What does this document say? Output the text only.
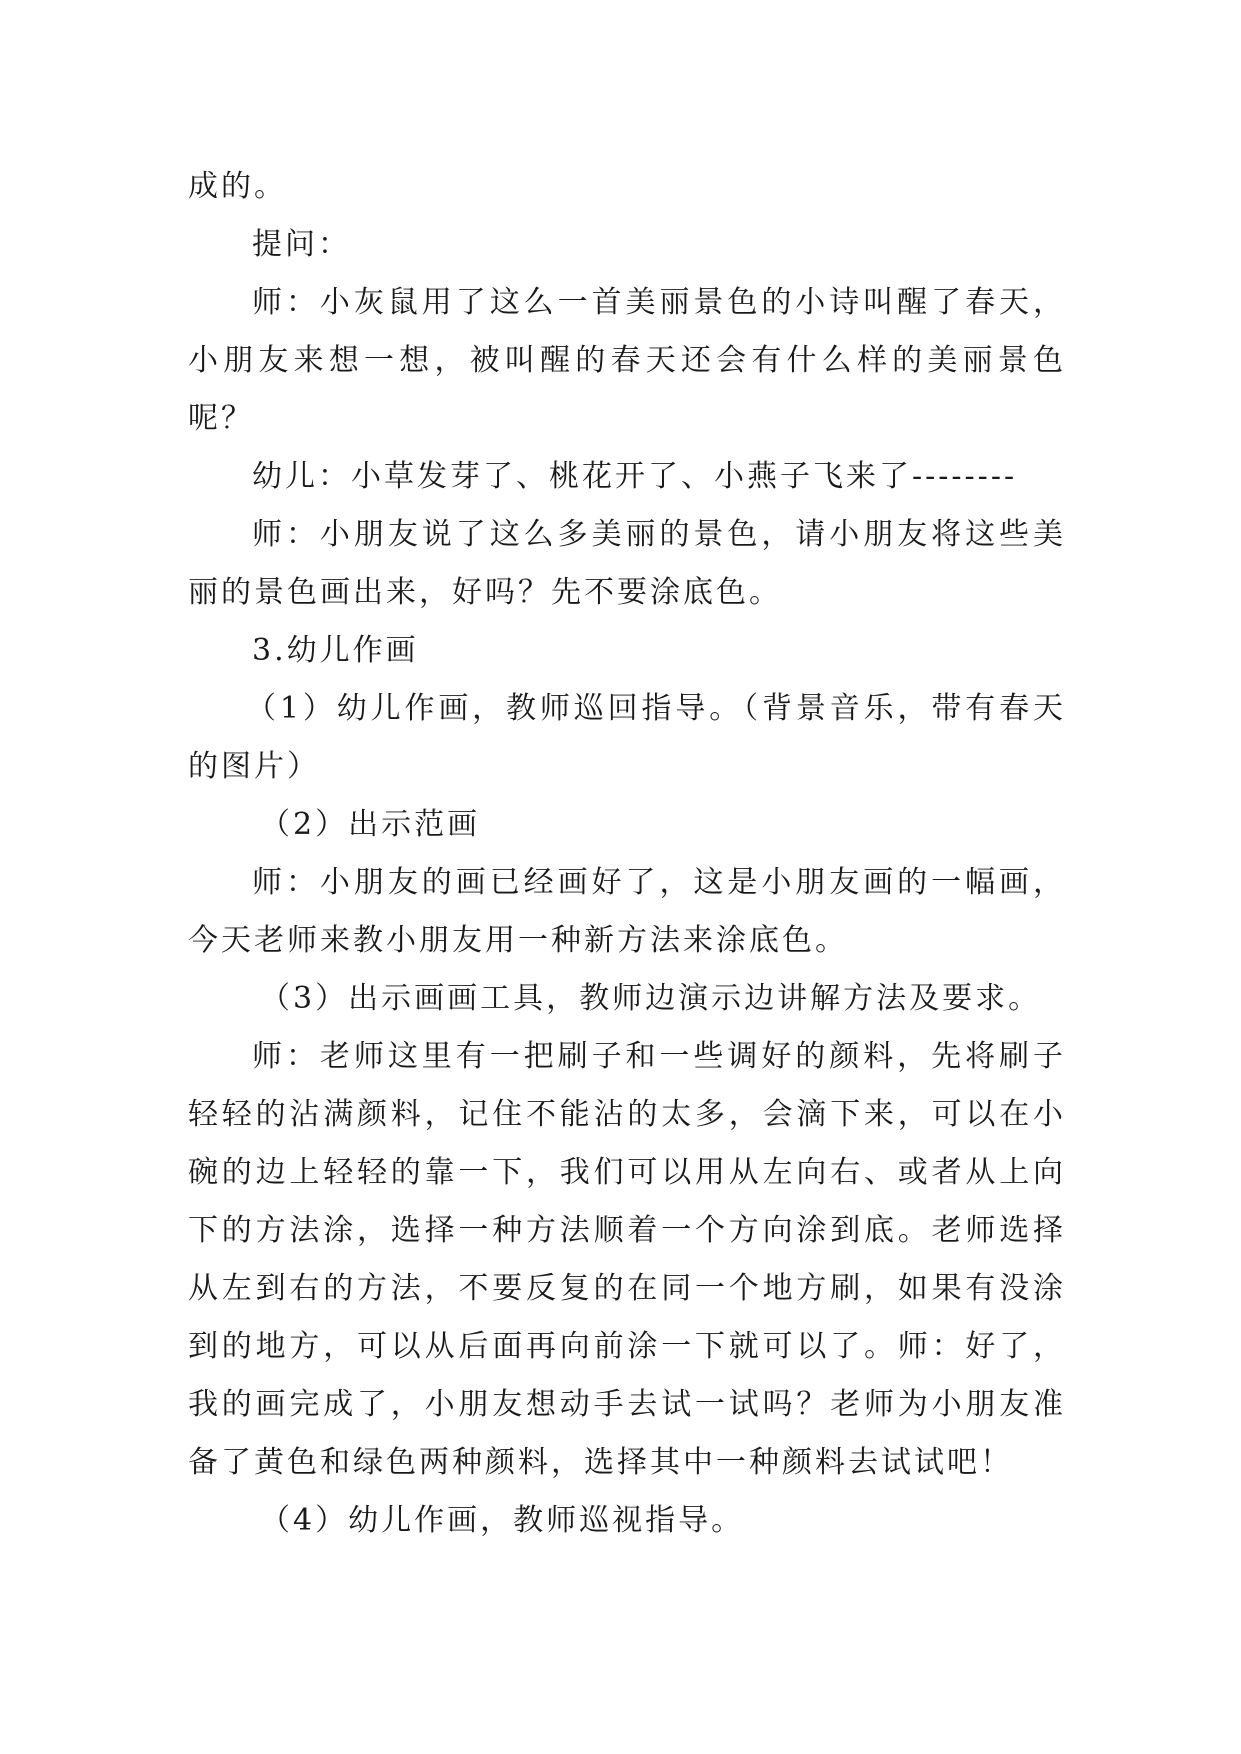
成的。

提问：

师：小灰鼠用了这么一首美丽景色的小诗叫醒了春天，小朋友来想一想，被叫醒的春天还会有什么样的美丽景色呢？

幼儿：小草发芽了、桃花开了、小燕子飞来了--------

师：小朋友说了这么多美丽的景色，请小朋友将这些美丽的景色画出来，好吗？先不要涂底色。

3.幼儿作画

（1）幼儿作画，教师巡回指导。（背景音乐，带有春天的图片）

（2）出示范画

师：小朋友的画已经画好了，这是小朋友画的一幅画，今天老师来教小朋友用一种新方法来涂底色。

（3）出示画画工具，教师边演示边讲解方法及要求。

师：老师这里有一把刷子和一些调好的颜料，先将刷子轻轻的沾满颜料，记住不能沾的太多，会滴下来，可以在小碗的边上轻轻的靠一下，我们可以用从左向右、或者从上向下的方法涂，选择一种方法顺着一个方向涂到底。老师选择从左到右的方法，不要反复的在同一个地方刷，如果有没涂到的地方，可以从后面再向前涂一下就可以了。师：好了，我的画完成了，小朋友想动手去试一试吗？老师为小朋友准备了黄色和绿色两种颜料，选择其中一种颜料去试试吧！

（4）幼儿作画，教师巡视指导。
